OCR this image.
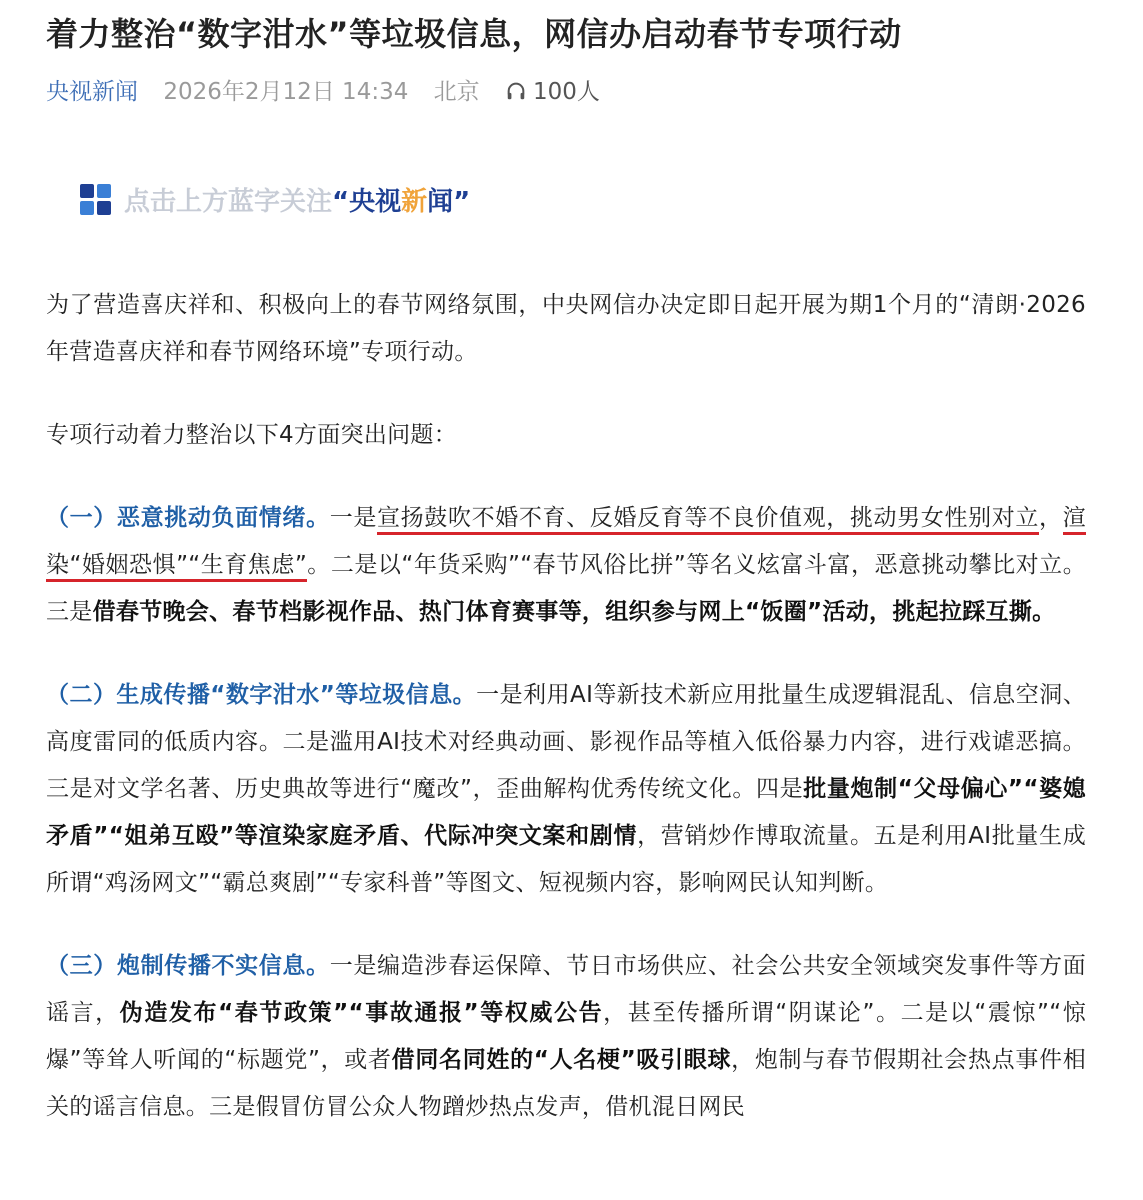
着力整治“数字泔水”等垃圾信息，网信办启动春节专项行动
央视新闻 2026年2月12日 14:34 北京 100人
点击上方蓝字关注“央视新闻”

为了营造喜庆祥和、积极向上的春节网络氛围，中央网信办决定即日起开展为期1个月的“清朗·2026年营造喜庆祥和春节网络环境”专项行动。

专项行动着力整治以下4方面突出问题：

（一）恶意挑动负面情绪。一是宣扬鼓吹不婚不育、反婚反育等不良价值观，挑动男女性别对立，渲染“婚姻恐惧”“生育焦虑”。二是以“年货采购”“春节风俗比拼”等名义炫富斗富，恶意挑动攀比对立。三是借春节晚会、春节档影视作品、热门体育赛事等，组织参与网上“饭圈”活动，挑起拉踩互撕。

（二）生成传播“数字泔水”等垃圾信息。一是利用AI等新技术新应用批量生成逻辑混乱、信息空洞、高度雷同的低质内容。二是滥用AI技术对经典动画、影视作品等植入低俗暴力内容，进行戏谑恶搞。三是对文学名著、历史典故等进行“魔改”，歪曲解构优秀传统文化。四是批量炮制“父母偏心”“婆媳矛盾”“姐弟互殴”等渲染家庭矛盾、代际冲突文案和剧情，营销炒作博取流量。五是利用AI批量生成所谓“鸡汤网文”“霸总爽剧”“专家科普”等图文、短视频内容，影响网民认知判断。

（三）炮制传播不实信息。一是编造涉春运保障、节日市场供应、社会公共安全领域突发事件等方面谣言，伪造发布“春节政策”“事故通报”等权威公告，甚至传播所谓“阴谋论”。二是以“震惊”“惊爆”等耸人听闻的“标题党”，或者借同名同姓的“人名梗”吸引眼球，炮制与春节假期社会热点事件相关的谣言信息。三是假冒仿冒公众人物蹭炒热点发声，借机混日网民
